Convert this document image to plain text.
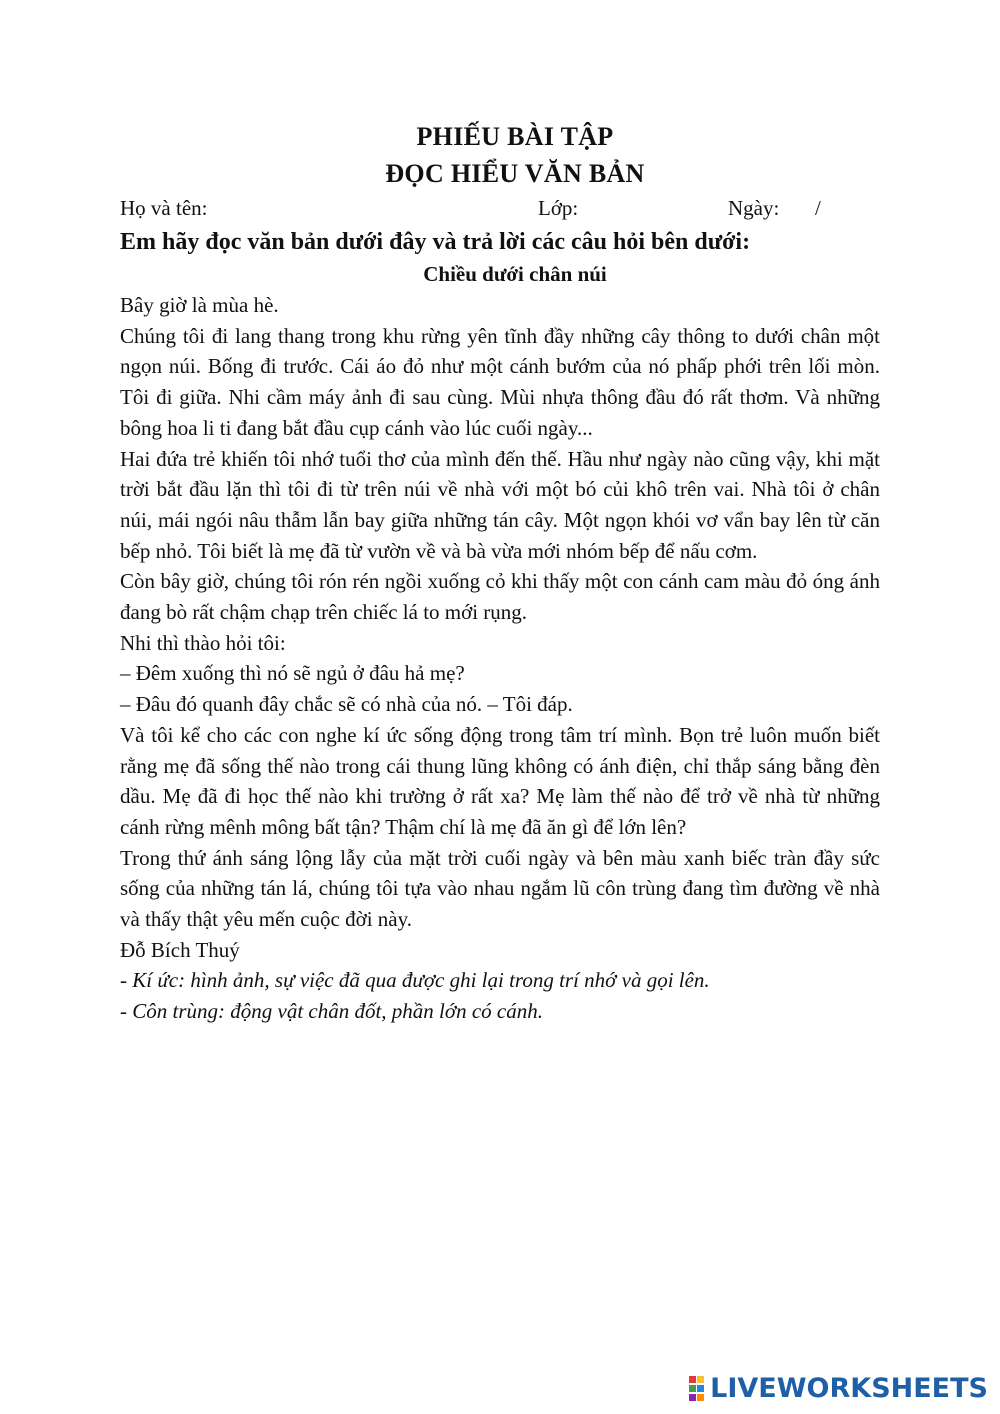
PHIẾU BÀI TẬP
ĐỌC HIỂU VĂN BẢN
Họ và tên:	Lớp:	Ngày: /
Em hãy đọc văn bản dưới đây và trả lời các câu hỏi bên dưới:
Chiều dưới chân núi

Bây giờ là mùa hè.

Chúng tôi đi lang thang trong khu rừng yên tĩnh đầy những cây thông to dưới chân một ngọn núi. Bống đi trước. Cái áo đỏ như một cánh bướm của nó phấp phới trên lối mòn. Tôi đi giữa. Nhi cầm máy ảnh đi sau cùng. Mùi nhựa thông đầu đó rất thơm. Và những bông hoa li ti đang bắt đầu cụp cánh vào lúc cuối ngày...

Hai đứa trẻ khiến tôi nhớ tuổi thơ của mình đến thế. Hầu như ngày nào cũng vậy, khi mặt trời bắt đầu lặn thì tôi đi từ trên núi về nhà với một bó củi khô trên vai. Nhà tôi ở chân núi, mái ngói nâu thẫm lẫn bay giữa những tán cây. Một ngọn khói vơ vẩn bay lên từ căn bếp nhỏ. Tôi biết là mẹ đã từ vườn về và bà vừa mới nhóm bếp để nấu cơm.

Còn bây giờ, chúng tôi rón rén ngồi xuống cỏ khi thấy một con cánh cam màu đỏ óng ánh đang bò rất chậm chạp trên chiếc lá to mới rụng.

Nhi thì thào hỏi tôi:

– Đêm xuống thì nó sẽ ngủ ở đâu hả mẹ?

– Đâu đó quanh đây chắc sẽ có nhà của nó. – Tôi đáp.

Và tôi kể cho các con nghe kí ức sống động trong tâm trí mình. Bọn trẻ luôn muốn biết rằng mẹ đã sống thế nào trong cái thung lũng không có ánh điện, chỉ thắp sáng bằng đèn dầu. Mẹ đã đi học thế nào khi trường ở rất xa? Mẹ làm thế nào để trở về nhà từ những cánh rừng mênh mông bất tận? Thậm chí là mẹ đã ăn gì để lớn lên?

Trong thứ ánh sáng lộng lẫy của mặt trời cuối ngày và bên màu xanh biếc tràn đầy sức sống của những tán lá, chúng tôi tựa vào nhau ngắm lũ côn trùng đang tìm đường về nhà và thấy thật yêu mến cuộc đời này.

Đỗ Bích Thuý

- Kí ức: hình ảnh, sự việc đã qua được ghi lại trong trí nhớ và gọi lên.

- Côn trùng: động vật chân đốt, phần lớn có cánh.

LIVEWORKSHEETS
